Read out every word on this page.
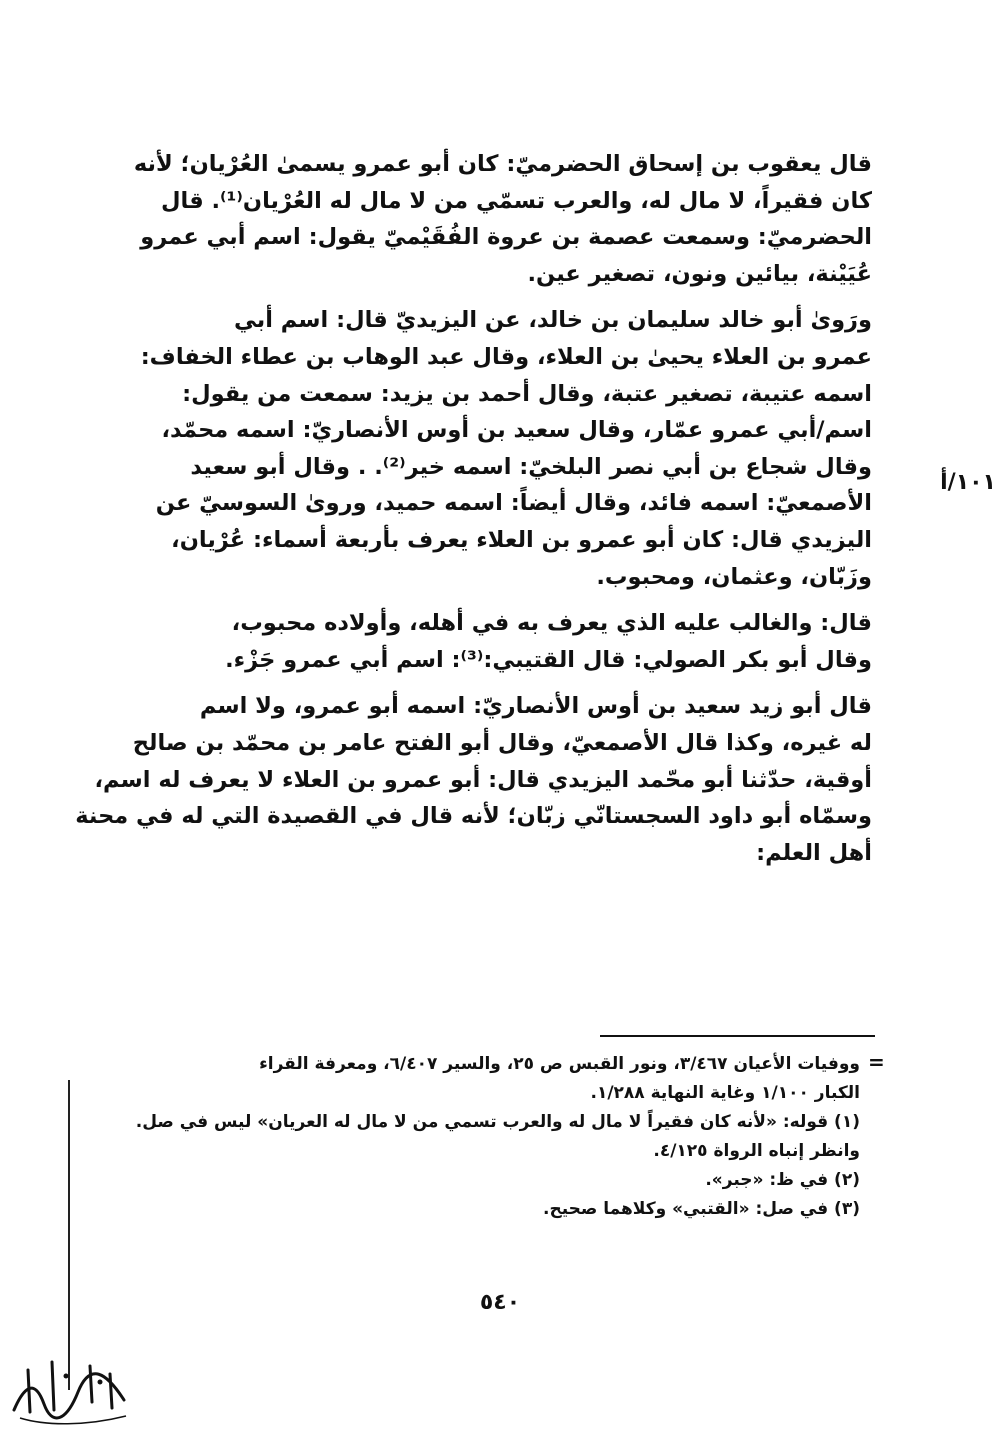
قال يعقوب بن إسحاق الحضرميّ: كان أبو عمرو يسمىٰ العُرْيان؛ لأنه
كان فقيراً، لا مال له، والعرب تسمّي من لا مال له العُرْيان⁽¹⁾. قال
الحضرميّ: وسمعت عصمة بن عروة الفُقَيْميّ يقول: اسم أبي عمرو
عُيَيْنة، بيائين ونون، تصغير عين.

ورَوىٰ أبو خالد سليمان بن خالد، عن اليزيديّ قال: اسم أبي
عمرو بن العلاء يحيىٰ بن العلاء، وقال عبد الوهاب بن عطاء الخفاف:
اسمه عتيبة، تصغير عتبة، وقال أحمد بن يزيد: سمعت من يقول:
اسم/أبي عمرو عمّار، وقال سعيد بن أوس الأنصاريّ: اسمه محمّد،
وقال شجاع بن أبي نصر البلخيّ: اسمه خير⁽²⁾. . وقال أبو سعيد
الأصمعيّ: اسمه فائد، وقال أيضاً: اسمه حميد، وروىٰ السوسيّ عن
اليزيدي قال: كان أبو عمرو بن العلاء يعرف بأربعة أسماء: عُرْيان،
وزَبّان، وعثمان، ومحبوب.

قال: والغالب عليه الذي يعرف به في أهله، وأولاده محبوب،
وقال أبو بكر الصولي: قال القتيبي:⁽³⁾: اسم أبي عمرو جَزْء.

قال أبو زيد سعيد بن أوس الأنصاريّ: اسمه أبو عمرو، ولا اسم
له غيره، وكذا قال الأصمعيّ، وقال أبو الفتح عامر بن محمّد بن صالح
أوقية، حدّثنا أبو محّمد اليزيدي قال: أبو عمرو بن العلاء لا يعرف له اسم،
وسمّاه أبو داود السجستانّي زبّان؛ لأنه قال في القصيدة التي له في محنة
أهل العلم:

١٠١/أ
=

ووفيات الأعيان ٣/٤٦٧، ونور القبس ص ٢٥، والسير ٦/٤٠٧، ومعرفة القراء
الكبار ١/١٠٠ وغاية النهاية ١/٢٨٨.

(١) قوله: «لأنه كان فقيراً لا مال له والعرب تسمي من لا مال له العريان» ليس في صل.
وانظر إنباه الرواة ٤/١٢٥.

(٢) في ظ: «جبر».

(٣) في صل: «القتبي» وكلاهما صحيح.

٥٤٠
